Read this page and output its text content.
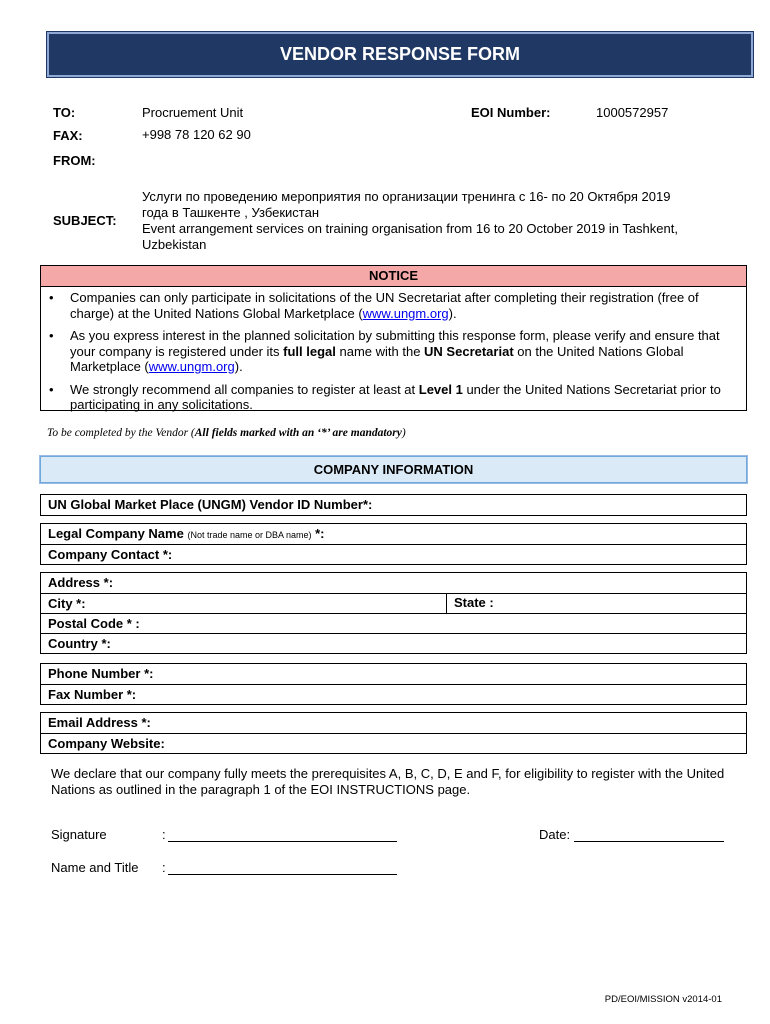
VENDOR RESPONSE FORM
TO:	Procruement Unit	EOI Number:	1000572957
FAX:	+998 78 120 62 90
FROM:
SUBJECT:
Услуги по проведению мероприятия по организации тренинга с 16- по 20 Октября 2019
года в Ташкенте , Узбекистан
Event arrangement services on training organisation from 16 to 20 October 2019 in Tashkent,
Uzbekistan
NOTICE
• Companies can only participate in solicitations of the UN Secretariat after completing their registration (free of charge) at the United Nations Global Marketplace (www.ungm.org).
• As you express interest in the planned solicitation by submitting this response form, please verify and ensure that your company is registered under its full legal name with the UN Secretariat on the United Nations Global Marketplace (www.ungm.org).
• We strongly recommend all companies to register at least at Level 1 under the United Nations Secretariat prior to participating in any solicitations.
To be completed by the Vendor (All fields marked with an ‘*’ are mandatory)
COMPANY INFORMATION
UN Global Market Place (UNGM) Vendor ID Number*:
Legal Company Name (Not trade name or DBA name) *:
Company Contact *:
Address *:
City *:	State :
Postal Code * :
Country *:
Phone Number *:
Fax Number *:
Email Address *:
Company Website:
We declare that our company fully meets the prerequisites A, B, C, D, E and F, for eligibility to register with the United Nations as outlined in the paragraph 1 of the EOI INSTRUCTIONS page.
Signature	:	Date:
Name and Title :
PD/EOI/MISSION v2014-01
